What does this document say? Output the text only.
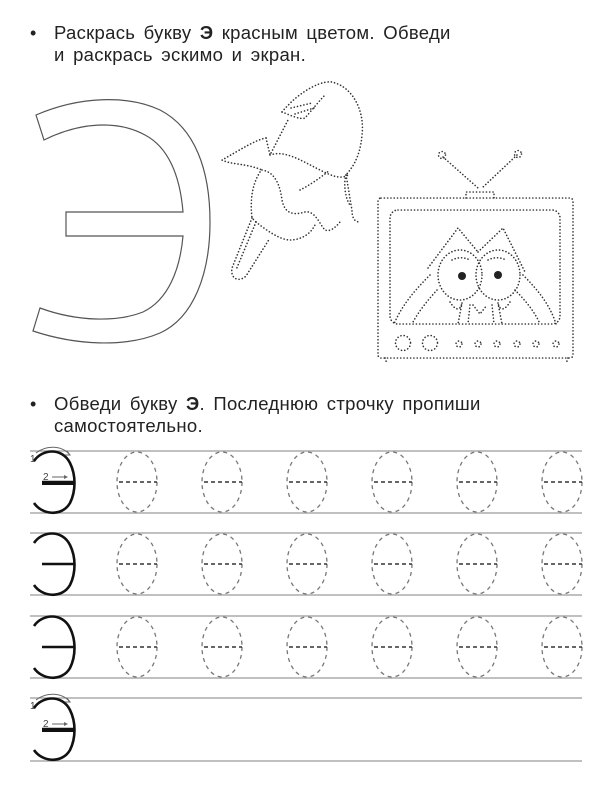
• Раскрась букву Э красным цветом. Обведи
и раскрась эскимо и экран.
1
2
1
2
• Обведи букву Э. Последнюю строчку пропиши
самостоятельно.
